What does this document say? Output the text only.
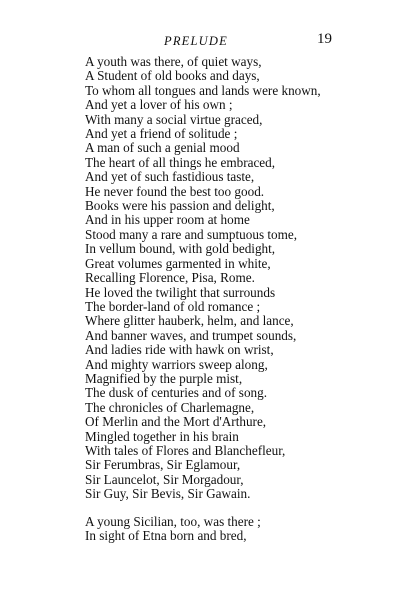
PRELUDE	19
A youth was there, of quiet ways,
A Student of old books and days,
To whom all tongues and lands were known,
And yet a lover of his own ;
With many a social virtue graced,
And yet a friend of solitude ;
A man of such a genial mood
The heart of all things he embraced,
And yet of such fastidious taste,
He never found the best too good.
Books were his passion and delight,
And in his upper room at home
Stood many a rare and sumptuous tome,
In vellum bound, with gold bedight,
Great volumes garmented in white,
Recalling Florence, Pisa, Rome.
He loved the twilight that surrounds
The border-land of old romance ;
Where glitter hauberk, helm, and lance,
And banner waves, and trumpet sounds,
And ladies ride with hawk on wrist,
And mighty warriors sweep along,
Magnified by the purple mist,
The dusk of centuries and of song.
The chronicles of Charlemagne,
Of Merlin and the Mort d'Arthure,
Mingled together in his brain
With tales of Flores and Blanchefleur,
Sir Ferumbras, Sir Eglamour,
Sir Launcelot, Sir Morgadour,
Sir Guy, Sir Bevis, Sir Gawain.
A young Sicilian, too, was there ;
In sight of Etna born and bred,
